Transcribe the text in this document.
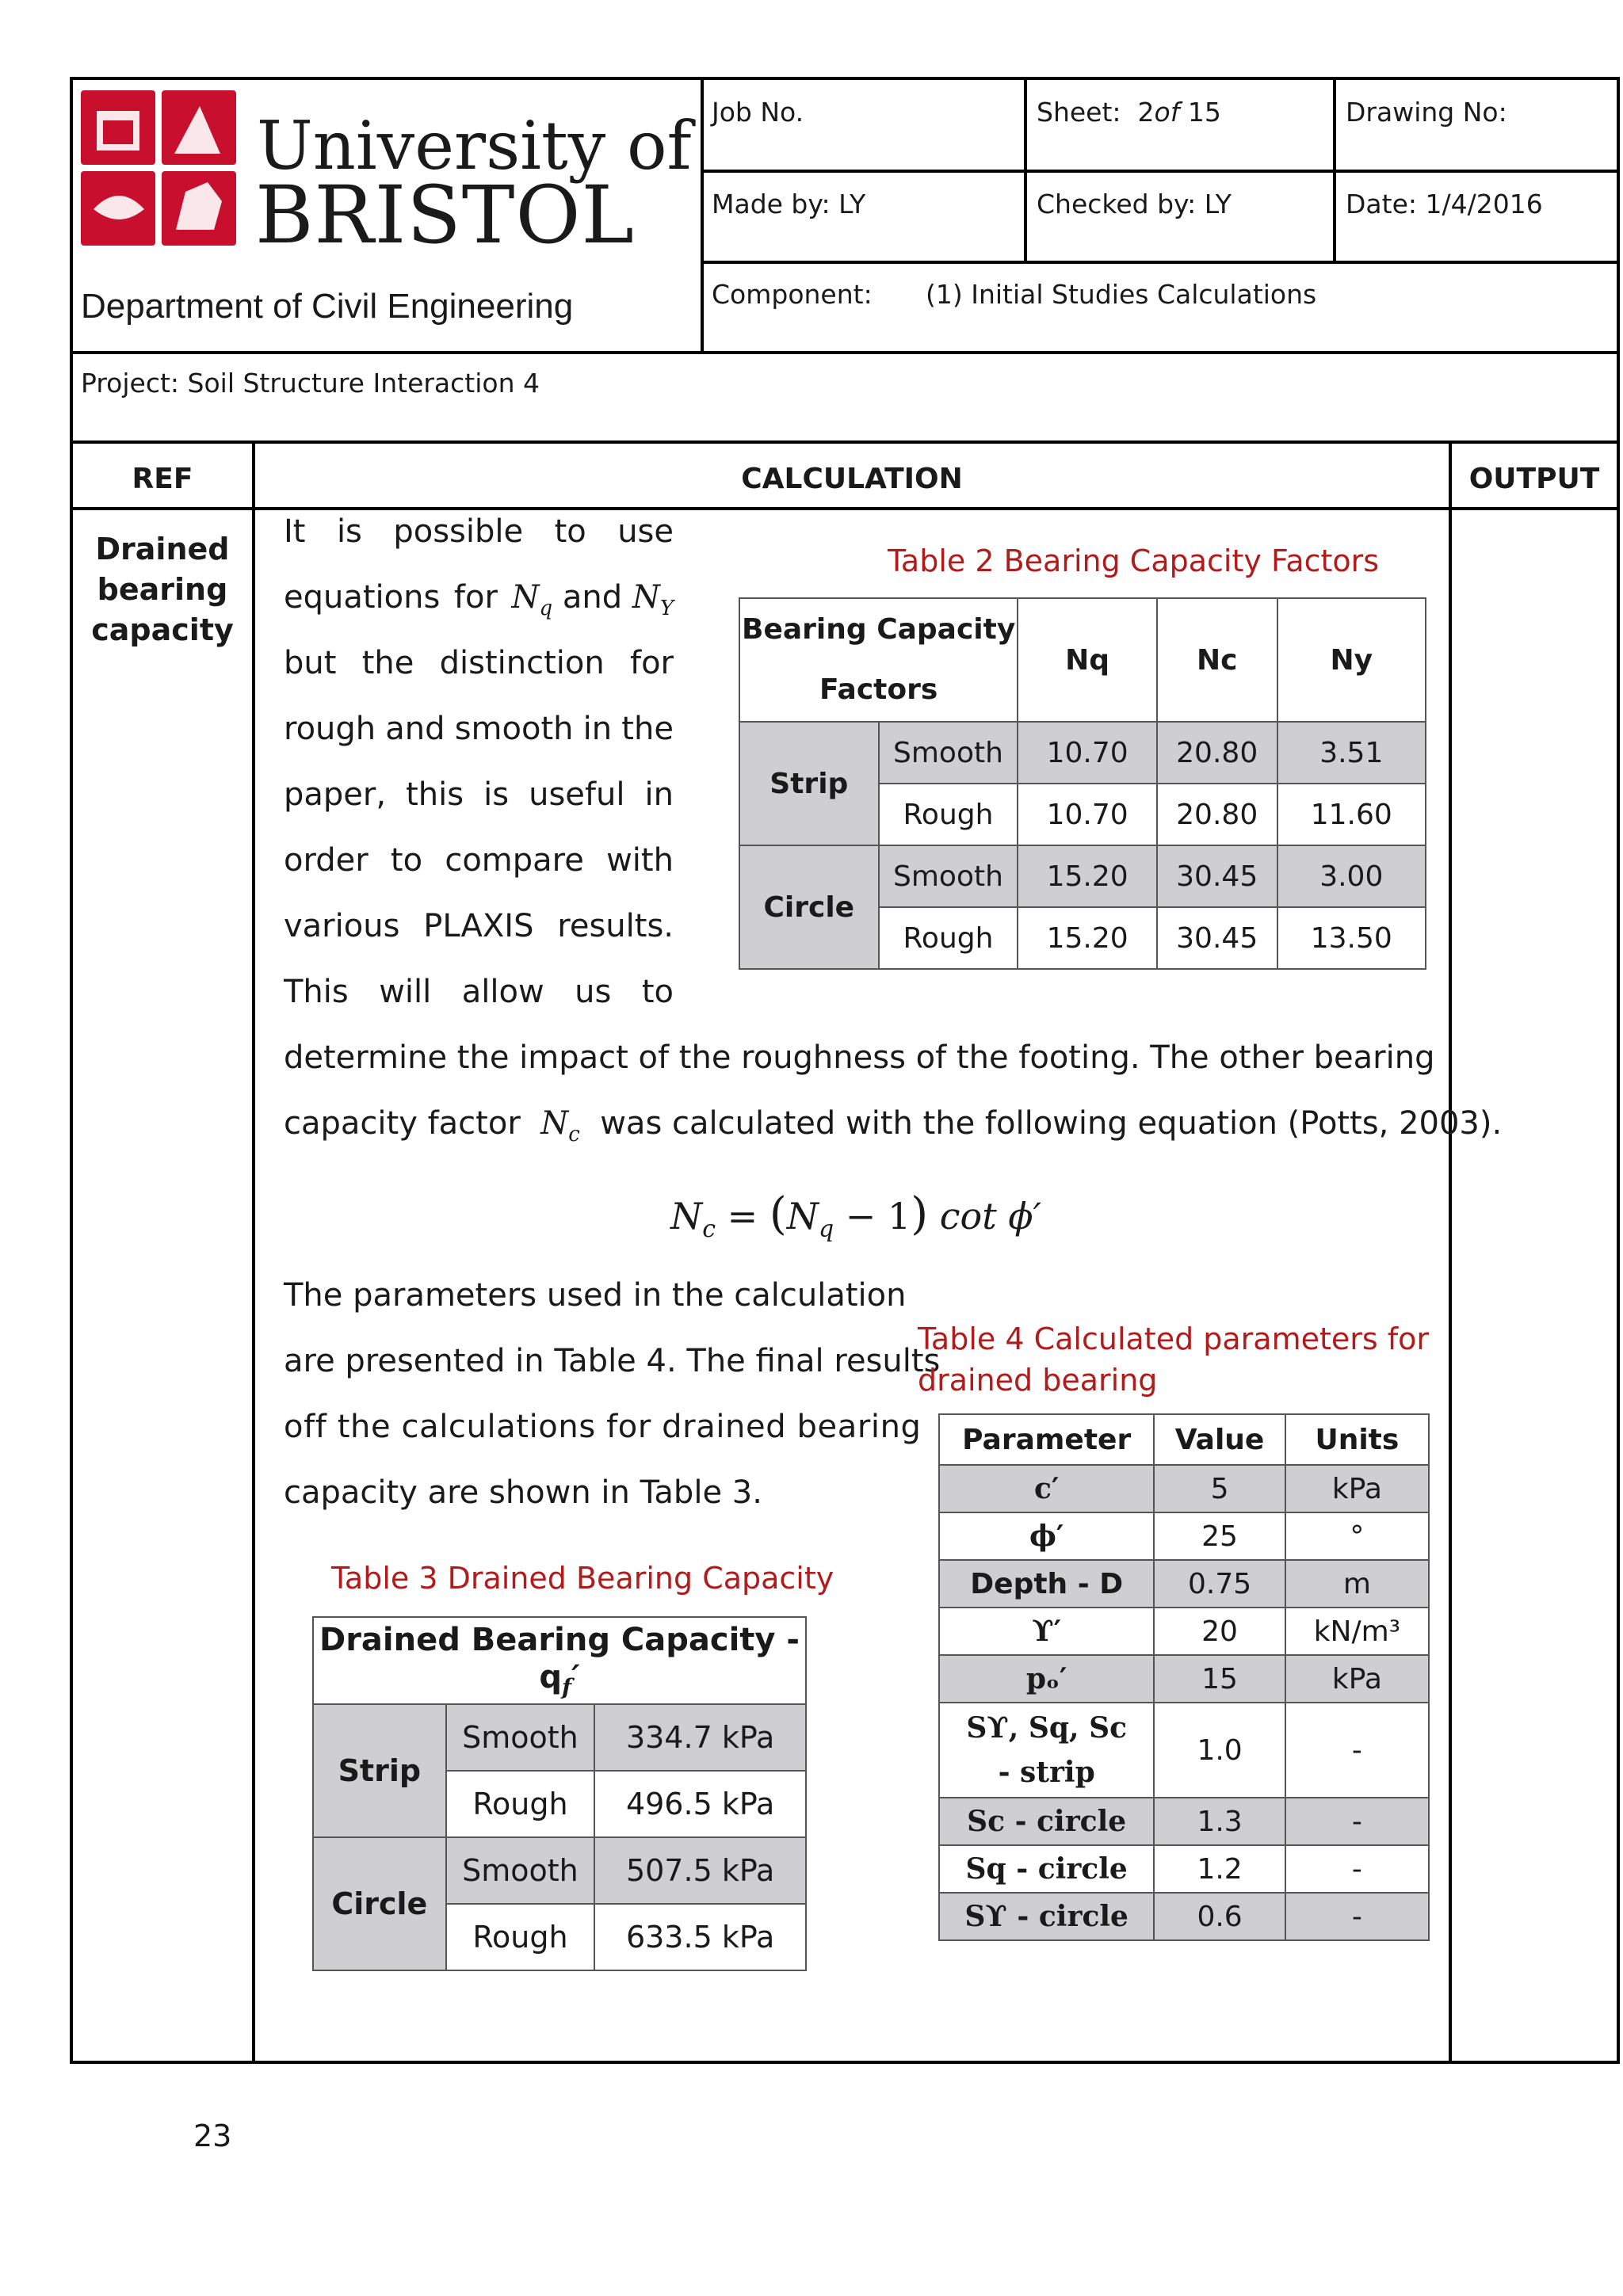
University of
BRISTOL
Department of Civil Engineering
Job No.	Sheet: 2of 15	Drawing No:
Made by: LY	Checked by: LY	Date: 1/4/2016
Component: (1) Initial Studies Calculations
Project: Soil Structure Interaction 4
REF	CALCULATION	OUTPUT
Drained
bearing
capacity
It is possible to use
equations for $N_q$ and $N_Y$
but the distinction for
rough and smooth in the
paper, this is useful in
order to compare with
various PLAXIS results.
This will allow us to
determine the impact of the roughness of the footing. The other bearing
capacity factor  $N_c$ was calculated with the following equation (Potts, 2003).
$N_c = (N_q - 1)$ cot ϕ′
The parameters used in the calculation
are presented in Table 4. The final results
off the calculations for drained bearing
capacity are shown in Table 3.
Table 2 Bearing Capacity Factors
Bearing Capacity Factors		Nq	Nc	Ny
Strip	Smooth	10.70	20.80	3.51
	Rough	10.70	20.80	11.60
Circle	Smooth	15.20	30.45	3.00
	Rough	15.20	30.45	13.50
Table 3 Drained Bearing Capacity
Drained Bearing Capacity - $q_f'$		
Strip	Smooth	334.7 kPa
	Rough	496.5 kPa
Circle	Smooth	507.5 kPa
	Rough	633.5 kPa
Table 4 Calculated parameters for
drained bearing
Parameter	Value	Units
c′	5	kPa
ϕ′	25	°
Depth - D	0.75	m
ϒ′	20	kN/m³
pₒ′	15	kPa
Sϒ, Sq, Sc - strip	1.0	-
Sc - circle	1.3	-
Sq - circle	1.2	-
Sϒ - circle	0.6	-
23
